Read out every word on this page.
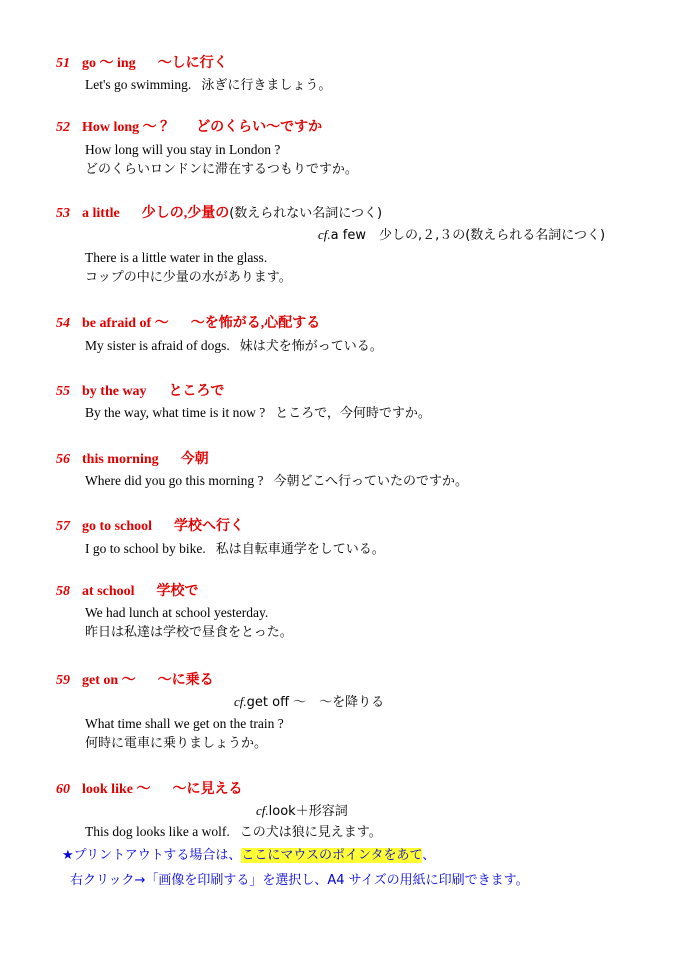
51 go ～ ing ～しに行く
Let's go swimming. 泳ぎに行きましょう。
52 How long ～ ？ どのくらい～ですか
How long will you stay in London ?
どのくらいロンドンに滞在するつもりですか。
53 a little 少しの,少量の(数えられない名詞につく)
cf.a few　少しの,２,３の(数えられる名詞につく)
There is a little water in the glass.
コップの中に少量の水があります。
54 be afraid of ～ ～を怖がる,心配する
My sister is afraid of dogs. 妹は犬を怖がっている。
55 by the way ところで
By the way, what time is it now ? ところで，今何時ですか。
56 this morning 今朝
Where did you go this morning ? 今朝どこへ行っていたのですか。
57 go to school 学校へ行く
I go to school by bike. 私は自転車通学をしている。
58 at school 学校で
We had lunch at school yesterday.
昨日は私達は学校で昼食をとった。
59 get on ～ ～に乗る
cf.get off ～　～を降りる
What time shall we get on the train ?
何時に電車に乗りましょうか。
60 look like ～ ～に見える
cf.look＋形容詞
This dog looks like a wolf. この犬は狼に見えます。
★プリントアウトする場合は、ここにマウスのポインタをあて、
右クリック→「画像を印刷する」を選択し、A4 サイズの用紙に印刷できます。
